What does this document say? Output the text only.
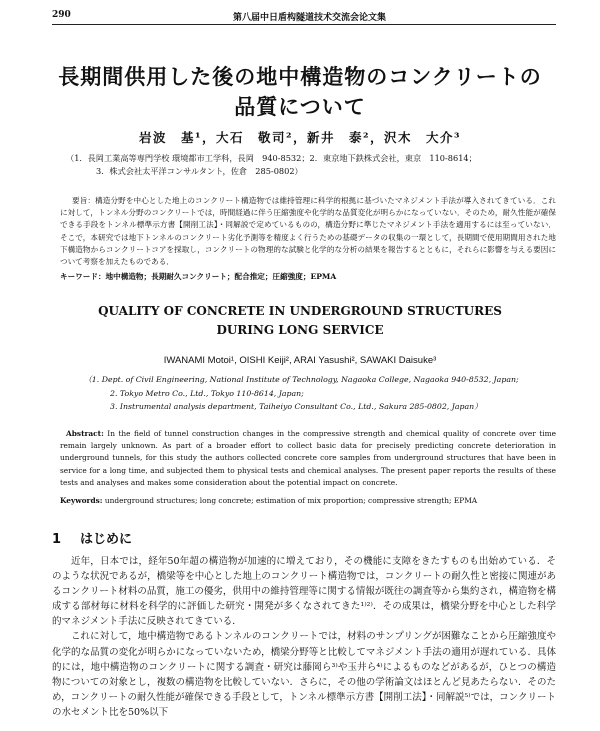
290	第八届中日盾构隧道技术交流会论文集
長期間供用した後の地中構造物のコンクリートの
品質について
岩波　基¹，大石　敬司²，新井　泰²，沢木　大介³
（1．長岡工業高等専門学校 環境都市工学科，長岡　940-8532；2．東京地下鉄株式会社，東京　110-8614；
3．株式会社太平洋コンサルタント，佐倉　285-0802）
要旨：構造分野を中心とした地上のコンクリート構造物では維持管理に科学的根拠に基づいたマネジメント手法が導入されてきている．これに対して，トンネル分野のコンクリートでは，時間経過に伴う圧縮強度や化学的な品質変化が明らかになっていない．そのため，耐久性能が確保できる手段をトンネル標準示方書【開削工法】・同解説で定めているものの，構造分野に準じたマネジメント手法を適用するには至っていない．そこで，本研究では地下トンネルのコンクリート劣化予測等を精度よく行うための基礎データの収集の一環として，長期間で使用期間用された地下構造物からコンクリートコアを採取し，コンクリートの物理的な試験と化学的な分析の結果を報告するとともに，それらに影響を与える要因について考察を加えたものである．
キーワード：地中構造物；長期耐久コンクリート；配合推定；圧縮強度；EPMA
QUALITY OF CONCRETE IN UNDERGROUND STRUCTURES
DURING LONG SERVICE
IWANAMI Motoi¹, OISHI Keiji², ARAI Yasushi², SAWAKI Daisuke³
（1. Dept. of Civil Engineering, National Institute of Technology, Nagaoka College, Nagaoka 940-8532, Japan;
2. Tokyo Metro Co., Ltd., Tokyo 110-8614, Japan;
3. Instrumental analysis department, Taiheiyo Consultant Co., Ltd., Sakura 285-0802, Japan）
Abstract: In the field of tunnel construction changes in the compressive strength and chemical quality of concrete over time remain largely unknown. As part of a broader effort to collect basic data for precisely predicting concrete deterioration in underground tunnels, for this study the authors collected concrete core samples from underground structures that have been in service for a long time, and subjected them to physical tests and chemical analyses. The present paper reports the results of these tests and analyses and makes some consideration about the potential impact on concrete.
Keywords: underground structures; long concrete; estimation of mix proportion; compressive strength; EPMA
1 はじめに

近年，日本では，経年50年超の構造物が加速的に増えており，その機能に支障をきたすものも出始めている．そのような状況であるが，橋梁等を中心とした地上のコンクリート構造物では，コンクリートの耐久性と密接に関連があるコンクリート材料の品質，施工の優劣，供用中の維持管理等に関する情報が既往の調査等から集約され，構造物を構成する部材毎に材料を科学的に評価した研究・開発が多くなされてきた¹⁾²⁾．その成果は，橋梁分野を中心とした科学的マネジメント手法に反映されてきている．

これに対して，地中構造物であるトンネルのコンクリートでは，材料のサンプリングが困難なことから圧縮強度や化学的な品質の変化が明らかになっていないため，橋梁分野等と比較してマネジメント手法の適用が遅れている．具体的には，地中構造物のコンクリートに関する調査・研究は藤岡ら³⁾や玉井ら⁴⁾によるものなどがあるが，ひとつの構造物についての対象とし，複数の構造物を比較していない．さらに，その他の学術論文はほとんど見あたらない．そのため，コンクリートの耐久性能が確保できる手段として，トンネル標準示方書【開削工法】・同解説⁵⁾では，コンクリートの水セメント比を50%以下
